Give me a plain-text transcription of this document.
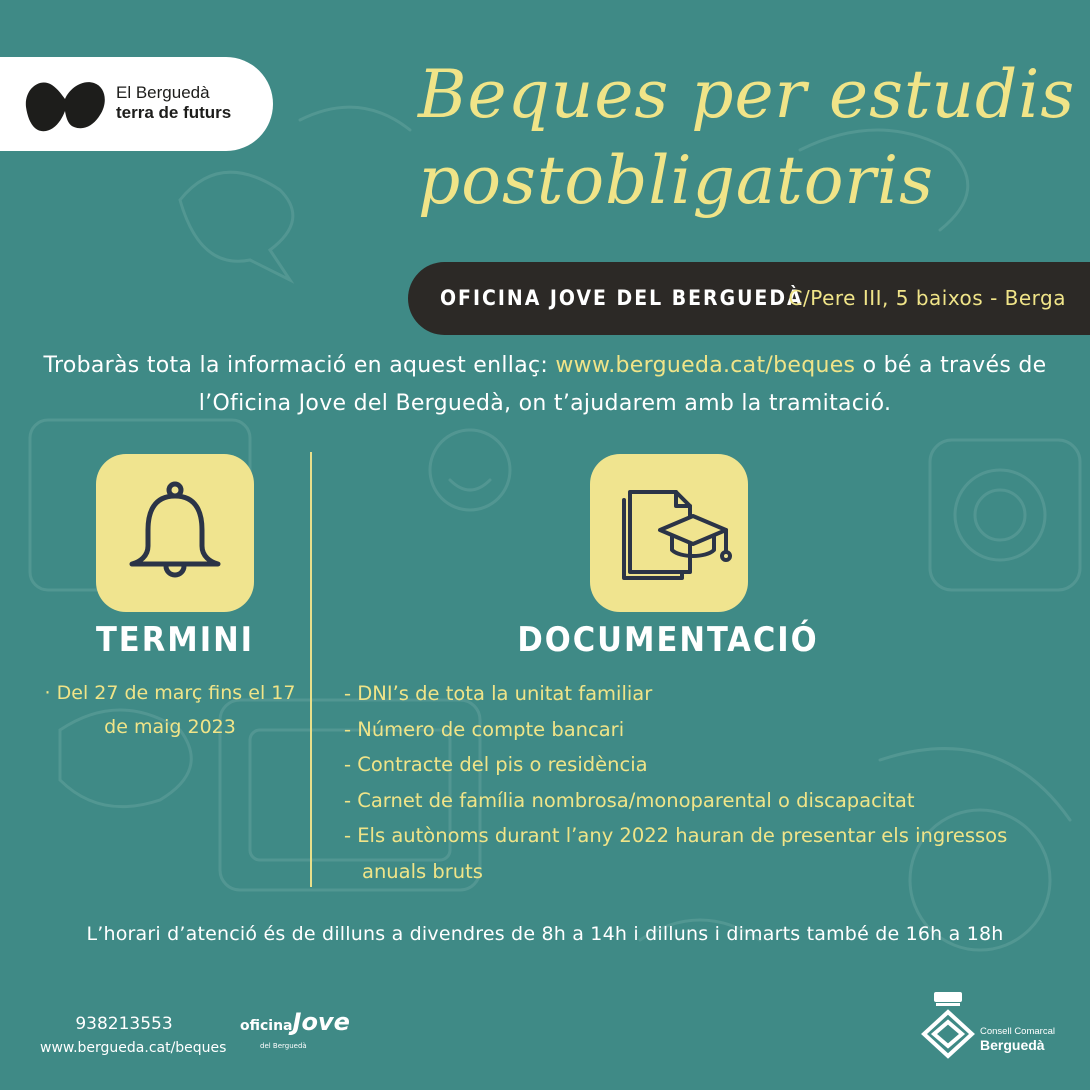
El Berguedà
terra de futurs	Beques per estudis
postobligatoris
OFICINA JOVE DEL BERGUEDÀ
C/Pere III, 5 baixos - Berga
Trobaràs tota la informació en aquest enllaç: www.bergueda.cat/beques o bé a través de
l’Oficina Jove del Berguedà, on t’ajudarem amb la tramitació.
TERMINI	DOCUMENTACIÓ
· Del 27 de març fins el 17
de maig 2023
- DNI’s de tota la unitat familiar
- Número de compte bancari
- Contracte del pis o residència
- Carnet de família nombrosa/monoparental o discapacitat
- Els autònoms durant l’any 2022 hauran de presentar els ingressos anuals bruts
L’horari d’atenció és de dilluns a divendres de 8h a 14h i dilluns i dimarts també de 16h a 18h
938213553
www.bergueda.cat/beques
oficinaJove
del Berguedà
Consell Comarcal
Berguedà
